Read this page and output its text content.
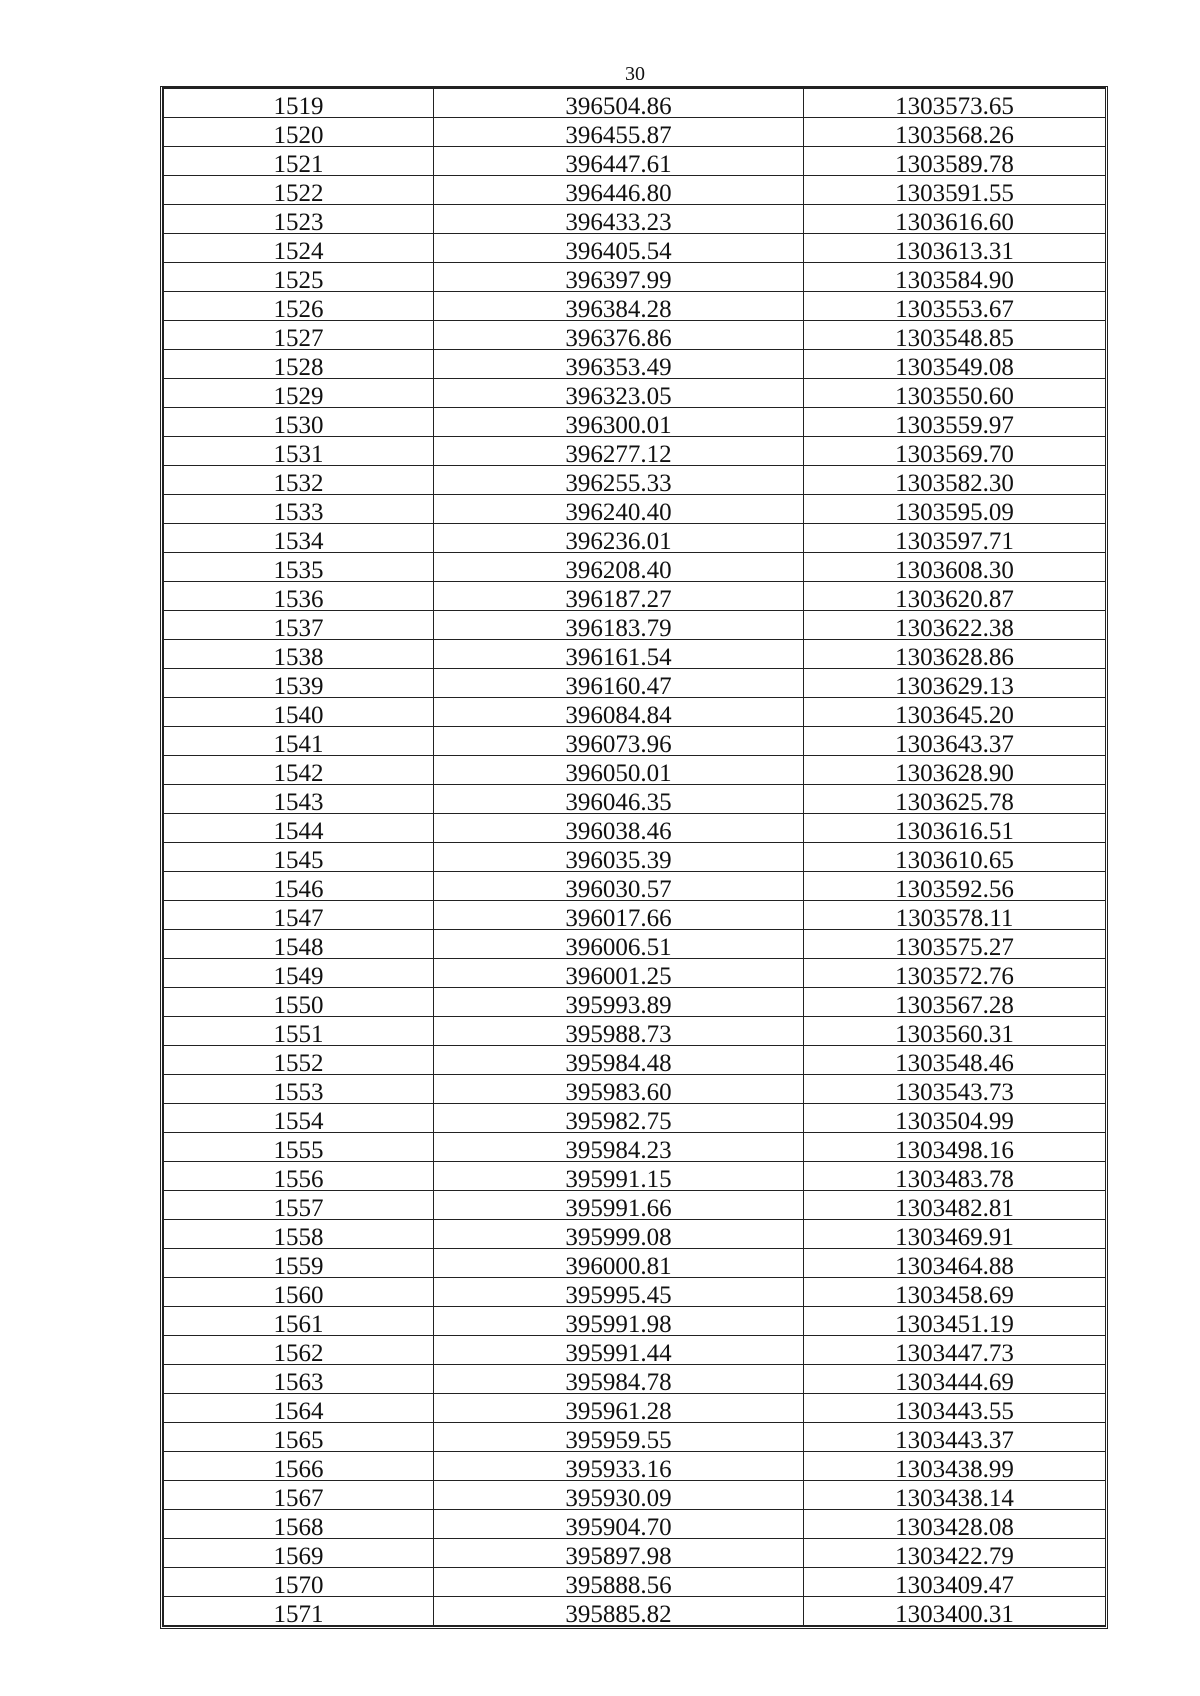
30
1519	396504.86	1303573.65
1520	396455.87	1303568.26
1521	396447.61	1303589.78
1522	396446.80	1303591.55
1523	396433.23	1303616.60
1524	396405.54	1303613.31
1525	396397.99	1303584.90
1526	396384.28	1303553.67
1527	396376.86	1303548.85
1528	396353.49	1303549.08
1529	396323.05	1303550.60
1530	396300.01	1303559.97
1531	396277.12	1303569.70
1532	396255.33	1303582.30
1533	396240.40	1303595.09
1534	396236.01	1303597.71
1535	396208.40	1303608.30
1536	396187.27	1303620.87
1537	396183.79	1303622.38
1538	396161.54	1303628.86
1539	396160.47	1303629.13
1540	396084.84	1303645.20
1541	396073.96	1303643.37
1542	396050.01	1303628.90
1543	396046.35	1303625.78
1544	396038.46	1303616.51
1545	396035.39	1303610.65
1546	396030.57	1303592.56
1547	396017.66	1303578.11
1548	396006.51	1303575.27
1549	396001.25	1303572.76
1550	395993.89	1303567.28
1551	395988.73	1303560.31
1552	395984.48	1303548.46
1553	395983.60	1303543.73
1554	395982.75	1303504.99
1555	395984.23	1303498.16
1556	395991.15	1303483.78
1557	395991.66	1303482.81
1558	395999.08	1303469.91
1559	396000.81	1303464.88
1560	395995.45	1303458.69
1561	395991.98	1303451.19
1562	395991.44	1303447.73
1563	395984.78	1303444.69
1564	395961.28	1303443.55
1565	395959.55	1303443.37
1566	395933.16	1303438.99
1567	395930.09	1303438.14
1568	395904.70	1303428.08
1569	395897.98	1303422.79
1570	395888.56	1303409.47
1571	395885.82	1303400.31
